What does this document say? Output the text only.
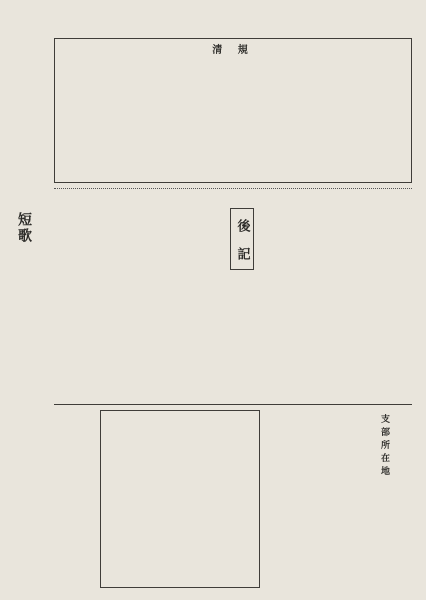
清 規

短歌	後 記

支部所在地
